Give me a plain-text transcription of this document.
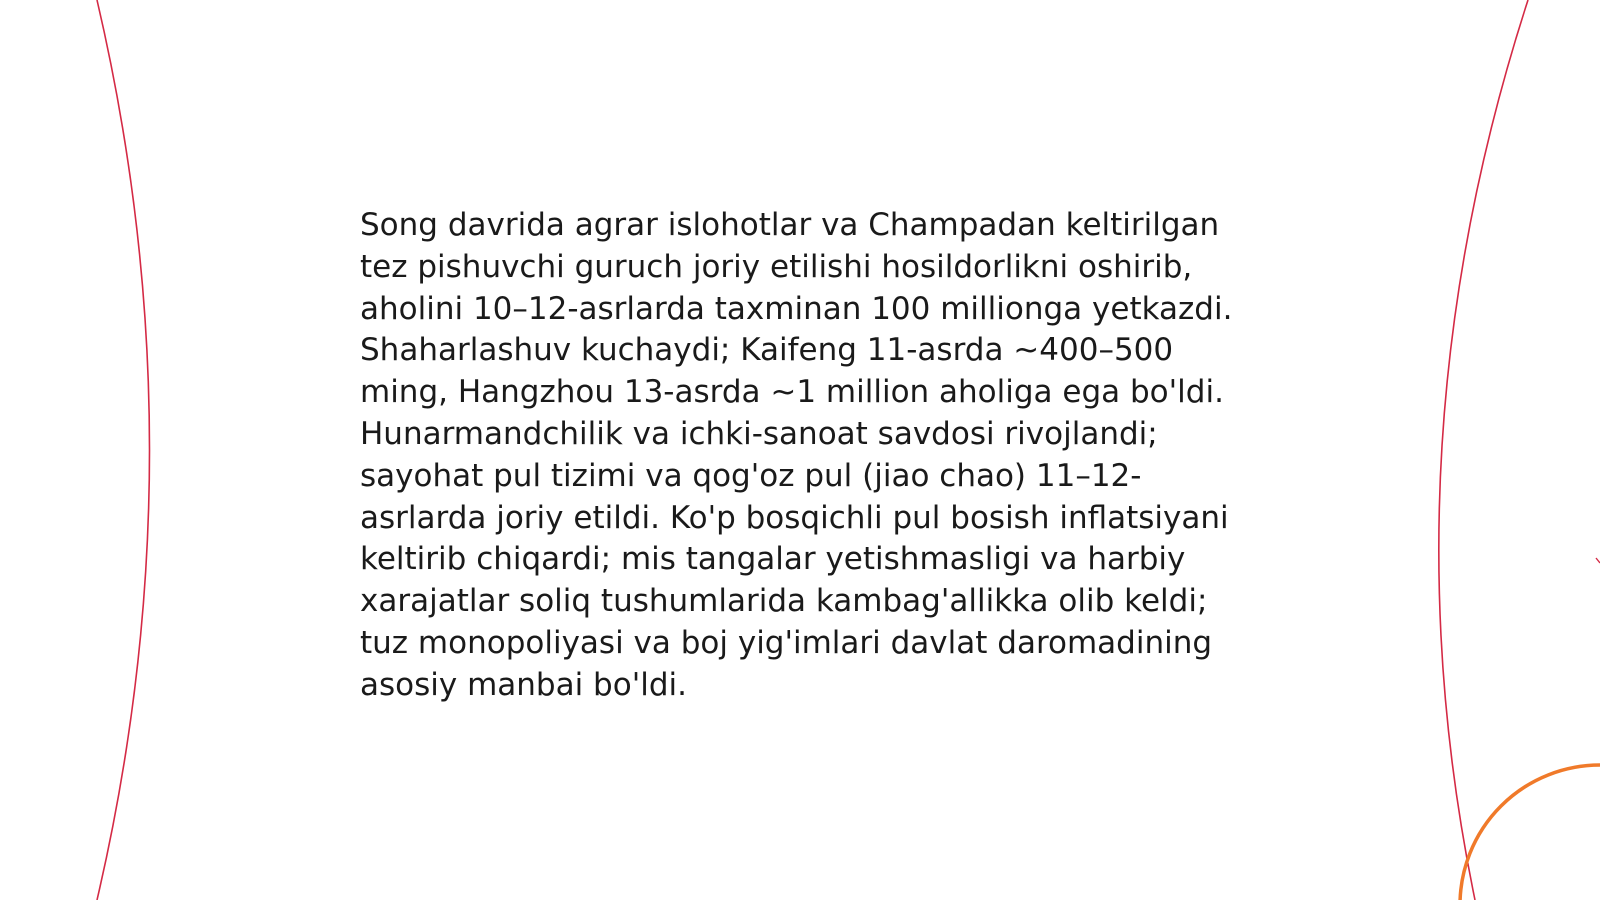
Song davrida agrar islohotlar va Champadan keltirilgan tez pishuvchi guruch joriy etilishi hosildorlikni oshirib, aholini 10–12-asrlarda taxminan 100 millionga yetkazdi. Shaharlashuv kuchaydi; Kaifeng 11-asrda ~400–500 ming, Hangzhou 13-asrda ~1 million aholiga ega bo'ldi. Hunarmandchilik va ichki-sanoat savdosi rivojlandi; sayohat pul tizimi va qog'oz pul (jiao chao) 11–12-asrlarda joriy etildi. Ko'p bosqichli pul bosish inflatsiyani keltirib chiqardi; mis tangalar yetishmasligi va harbiy xarajatlar soliq tushumlarida kambag'allikka olib keldi; tuz monopoliyasi va boj yig'imlari davlat daromadining asosiy manbai bo'ldi.
